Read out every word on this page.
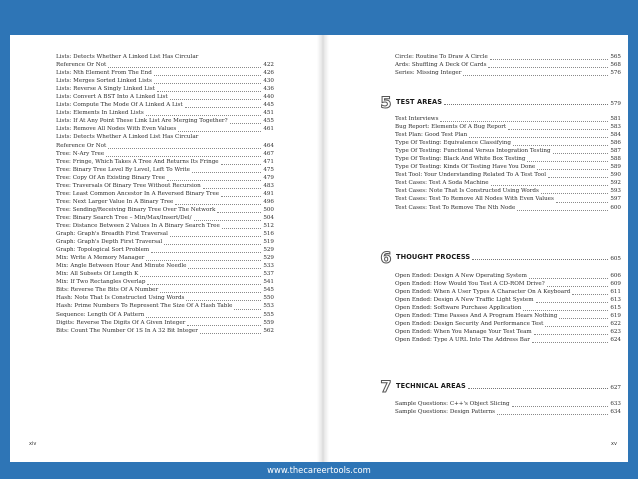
Lists: Detects Whether A Linked List Has Circular
Reference Or Not	422
Lists: Nth Element From The End	426
Lists: Merges Sorted Linked Lists	430
Lists: Reverse A Singly Linked List	436
Lists: Convert A BST Into A Linked List	440
Lists: Compute The Mode Of A Linked A List	445
Lists: Elements In Linked Lists	451
Lists: If At Any Point These Link List Are Merging Together?	455
Lists: Remove All Nodes With Even Values	461
Lists: Detects Whether A Linked List Has Circular
Reference Or Not	464
Tree: N-Ary Tree	467
Tree: Fringe, Which Takes A Tree And Returns Its Fringe	471
Tree: Binary Tree Level By Level, Left To Write	475
Tree: Copy Of An Existing Binary Tree	479
Tree: Traversals Of Binary Tree Without Recursion	483
Tree: Least Common Ancestor In A Reversed Binary Tree	491
Tree: Next Larger Value In A Binary Tree	496
Tree: Sending/Receiving Binary Tree Over The Network	500
Tree: Binary Search Tree – Min/Max/Insert/Del/	504
Tree: Distance Between 2 Values In A Binary Search Tree	512
Graph: Graph's Breadth First Traversal	516
Graph: Graph's Depth First Traversal	519
Graph: Topological Sort Problem	529
Mix: Write A Memory Manager	529
Mix: Angle Between Hour And Minute Needle	533
Mix: All Subsets Of Length K	537
Mix: If Two Rectangles Overlap	541
Bits: Reverse The Bits Of A Number	545
Hash: Note That Is Constructed Using Words	550
Hash: Prime Numbers To Represent The Size Of A Hash Table	553
Sequence: Length Of A Pattern	555
Digits: Reverse The Digits Of A Given Integer	559
Bits: Count The Number Of 1S In A 32 Bit Integer	562
xiv
Circle: Routine To Draw A Circle	565
Ards: Shuffling A Deck Of Cards	568
Series: Missing Integer	576
5 TEST AREAS	579
Test Interviews	581
Bug Report: Elements Of A Bug Report	583
Test Plan: Good Test Plan	584
Type Of Testing: Equivalence Classifying	586
Type Of Testing: Functional Versus Integration Testing	587
Type Of Testing: Black And White Box Testing	588
Type Of Testing: Kinds Of Testing Have You Done	589
Test Tool: Your Understanding Related To A Test Tool	590
Test Cases: Test A Soda Machine	592
Test Cases: Note That Is Constructed Using Words	593
Test Cases: Test To Remove All Nodes With Even Values	597
Test Cases: Test To Remove The Nth Node	600
6 THOUGHT PROCESS	605
Open Ended: Design A New Operating System	606
Open Ended: How Would You Test A CD-ROM Drive?	609
Open Ended: When A User Types A Character On A Keyboard	611
Open Ended: Design A New Traffic Light System	613
Open Ended: Software Purchase Application	615
Open Ended: Time Passes And A Program Hears Nothing	619
Open Ended: Design Security And Performance Test	622
Open Ended: When You Manage Your Test Team	623
Open Ended: Type A URL Into The Address Bar	624
7 TECHNICAL AREAS	627
Sample Questions: C++'s Object Slicing	633
Sample Questions: Design Patterns	634
xv
www.thecareertools.com
